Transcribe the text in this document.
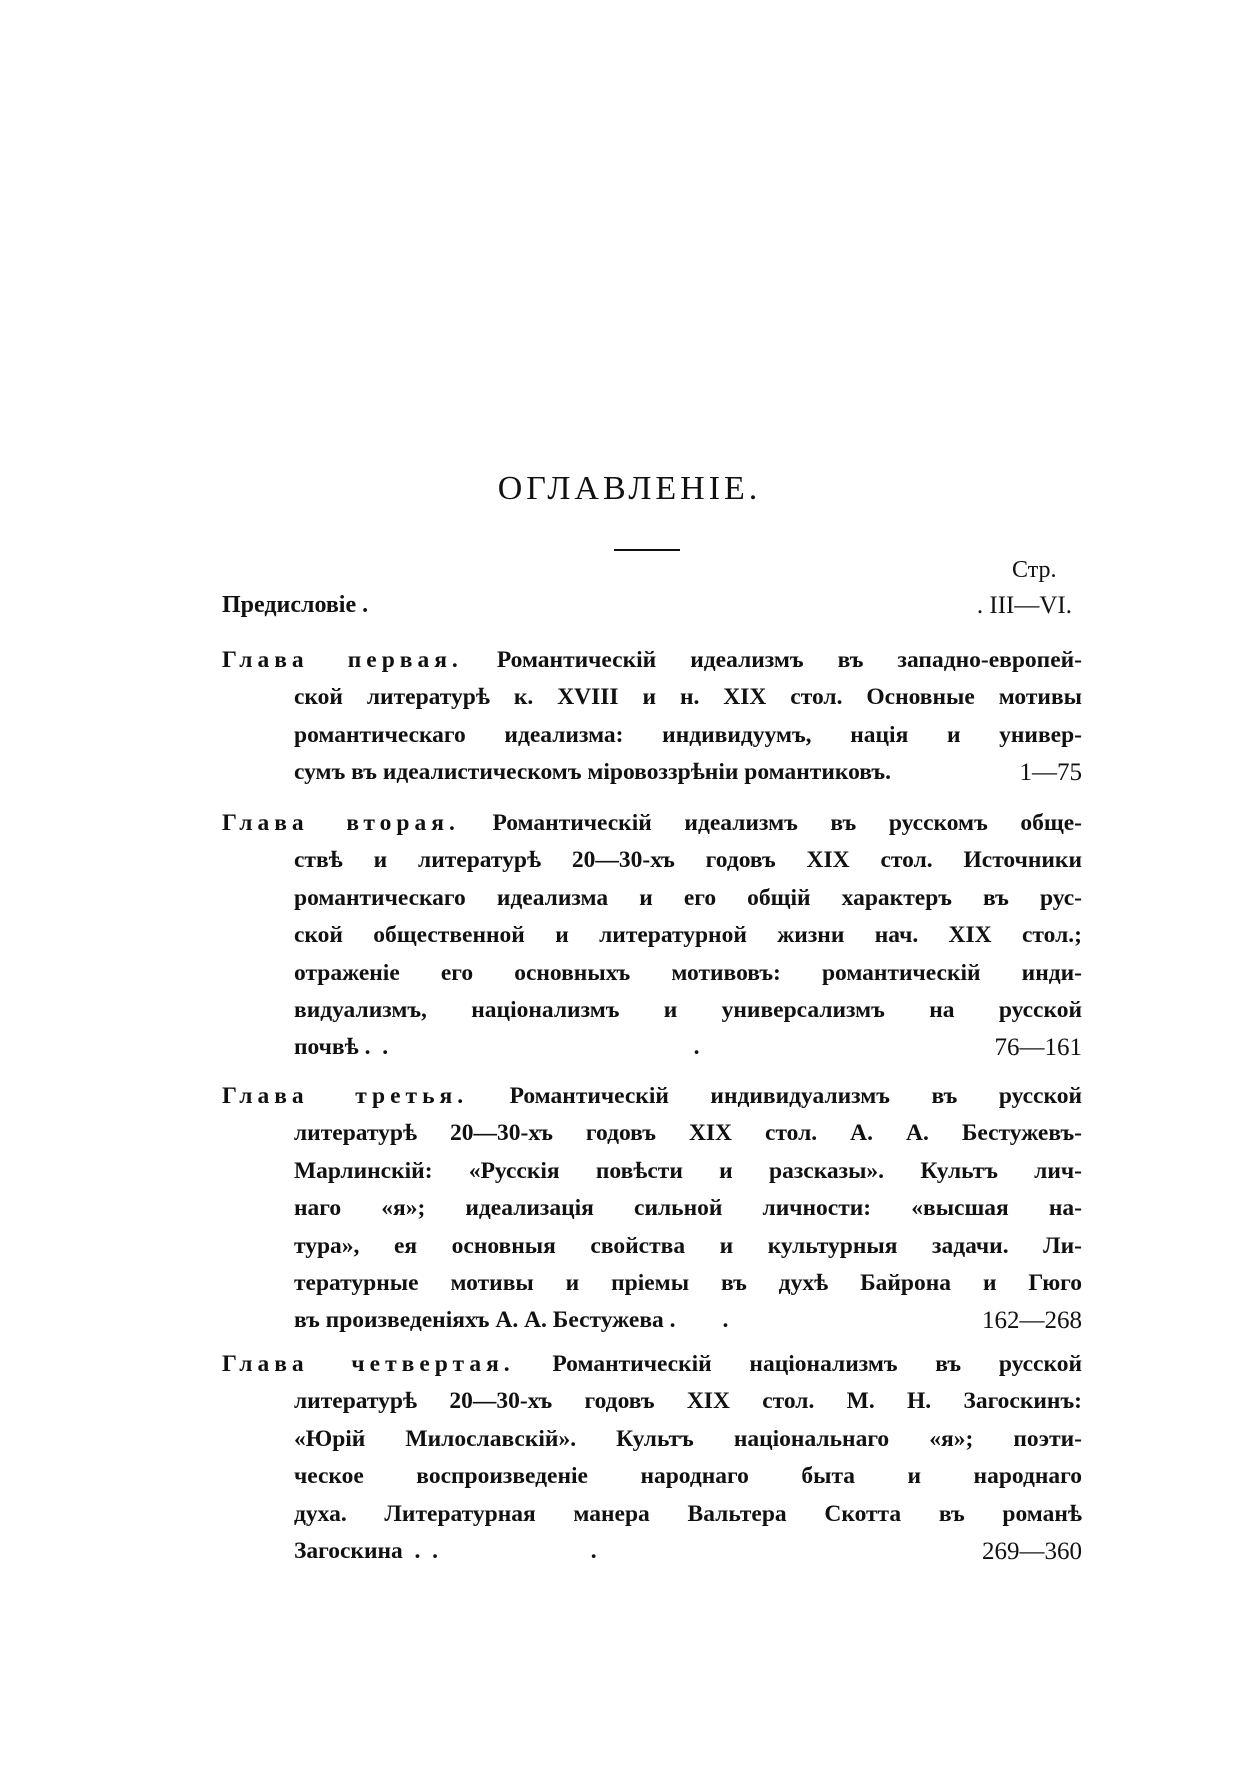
ОГЛАВЛЕНІЕ.
Стр.
Предисловіе .	. III—VI.
Глава первая. Романтическій идеализмъ въ западно-европей-
ской литературѣ к. XVIII и н. XIX стол. Основные мотивы
романтическаго идеализма: индивидуумъ, нація и универ-
сумъ въ идеалистическомъ міровоззрѣніи романтиковъ.	1—75
Глава вторая. Романтическій идеализмъ въ русскомъ обще-
ствѣ и литературѣ 20—30-хъ годовъ XIX стол. Источники
романтическаго идеализма и его общій характеръ въ рус-
ской общественной и литературной жизни нач. XIX стол.;
отраженіе его основныхъ мотивовъ: романтическій инди-
видуализмъ, націонализмъ и универсализмъ на русской
почвѣ .  .                                                    .	76—161
Глава третья. Романтическій индивидуализмъ въ русской
литературѣ 20—30-хъ годовъ XIX стол. А. А. Бестужевъ-
Марлинскій: «Русскія повѣсти и разсказы». Культъ лич-
наго «я»; идеализація сильной личности: «высшая на-
тура», ея основныя свойства и культурныя задачи. Ли-
тературные мотивы и пріемы въ духѣ Байрона и Гюго
въ произведеніяхъ А. А. Бестужева .        .	162—268
Глава четвертая. Романтическій націонализмъ въ русской
литературѣ 20—30-хъ годовъ XIX стол. М. Н. Загоскинъ:
«Юрій Милославскій». Культъ національнаго «я»; поэти-
ческое воспроизведеніе народнаго быта и народнаго
духа. Литературная манера Вальтера Скотта въ романѣ
Загоскина  .  .                          .	269—360
